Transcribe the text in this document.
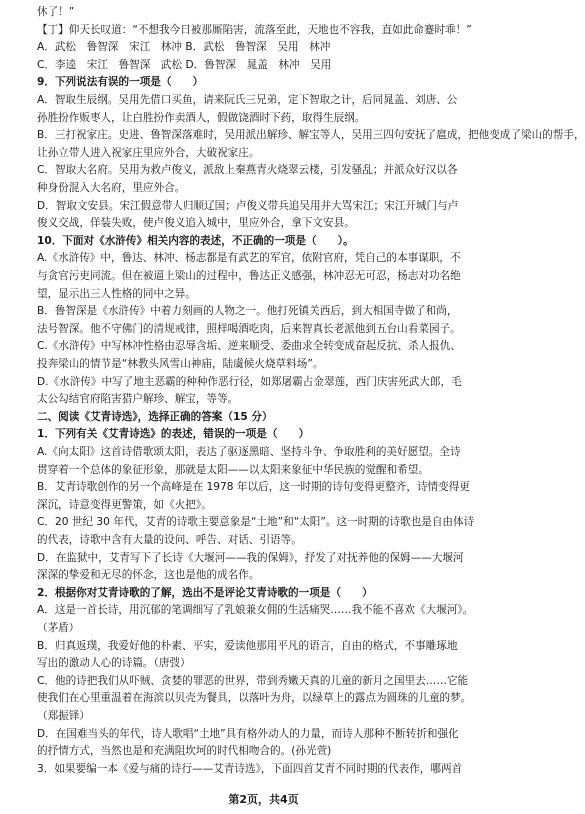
休了！”

【丁】仰天长叹道：“不想我今日被那厮陷害，流落至此，天地也不容我，直如此命蹇时乖！”

A．武松　鲁智深　宋江　林冲 B．武松　鲁智深　吴用　林冲

C．李逵　宋江　鲁智深　武松 D．鲁智深　晁盖　林冲　吴用

9．下列说法有误的一项是（　　）

A．智取生辰纲。吴用先借口买鱼，请来阮氏三兄弟，定下智取之计，后同晁盖、刘唐、公

孙胜扮作贩枣人，让白胜扮作卖酒人，假做饶酒时下药，取得生辰纲。

B．三打祝家庄。史进、鲁智深落难时，吴用派出解珍、解宝等人，吴用三四句安抚了扈成，把他变成了梁山的帮手，

让孙立带人进入祝家庄里应外合，大破祝家庄。

C．智取大名府。吴用为救卢俊义，派敌上秦燕青火烧翠云楼，引发骚乱；并派众好汉以各

种身份混入大名府，里应外合。

D．智取文安县。宋江假意带人归顺辽国；卢俊义带兵追吴用并大骂宋江；宋江开城门与卢

俊义交战，佯装失败，使卢俊义追入城中，里应外合，拿下文安县。

10．下面对《水浒传》相关内容的表述，不正确的一项是（　　）。

A.《水浒传》中，鲁达、林冲、杨志都是有武艺的军官，依附官府，凭自己的本事谋职，不

与贪官污吏同流。但在被逼上梁山的过程中，鲁达正义感强，林冲忍无可忍，杨志对功名绝

望，显示出三人性格的同中之异。

B．鲁智深是《水浒传》中着力刻画的人物之一。他打死镇关西后，到大相国寺做了和尚，

法号智深。他不守佛门的清规戒律，照样喝酒吃肉，后来智真长老派他到五台山看菜园子。

C.《水浒传》中写林冲性格由忍辱含垢、逆来顺受、委曲求全转变成奋起反抗、杀人报仇、

投奔梁山的情节是“林教头风雪山神庙，陆虞候火烧草料场”。

D.《水浒传》中写了地主恶霸的种种作恶行径，如郑屠霸占金翠莲，西门庆害死武大郎，毛

太公勾结官府陷害猎户解珍、解宝，等等。

二、阅读《艾青诗选》，选择正确的答案（15 分）

1．下列有关《艾青诗选》的表述，错误的一项是（　　）

A.《向太阳》这首诗借歌颂太阳，表达了驱逐黑暗、坚持斗争、争取胜利的美好愿望。全诗

贯穿着一个总体的象征形象，那就是太阳——以太阳来象征中华民族的觉醒和希望。

B．艾青诗歌创作的另一个高峰是在 1978 年以后，这一时期的诗句变得更整齐，诗情变得更

深沉，诗意变得更警策，如《火把》。

C．20 世纪 30 年代，艾青的诗歌主要意象是“土地”和“太阳”。这一时期的诗歌也是自由体诗

的代表，诗歌中含有大量的设问、呼告、对话、引语等。

D．在监狱中，艾青写下了长诗《大堰河——我的保姆》，抒发了对抚养他的保姆——大堰河

深深的挚爱和无尽的怀念，这也是他的成名作。

2．根据你对艾青诗歌的了解，选出不是评论艾青诗歌的一项是（　　）

A．这是一首长诗，用沉郁的笔调细写了乳娘兼女佣的生活痛哭……我不能不喜欢《大堰河》。

（茅盾）

B．归真返璞，我爱好他的朴素、平实，爱读他那用平凡的语言，自由的格式，不事雕琢地

写出的激动人心的诗篇。（唐弢）

C．他的诗把我们从吓贼、贪婪的罪恶的世界，带到秀嫩天真的儿童的新月之国里去……它能

使我们在心里重温着在海滨以贝壳为餐具，以落叶为舟，以绿草上的露点为圆珠的儿童的梦。

（郑振铎）

D．在国难当头的年代，诗人歌唱“土地”具有格外动人的力量，而诗人那种不断转折和强化

的抒情方式，当然也是和充满阻坎坷的时代相吻合的。(孙光萱)

3．如果要编一本《爱与痛的诗行——艾青诗选》，下面四首艾青不同时期的代表作，哪两首

第2页，共4页
